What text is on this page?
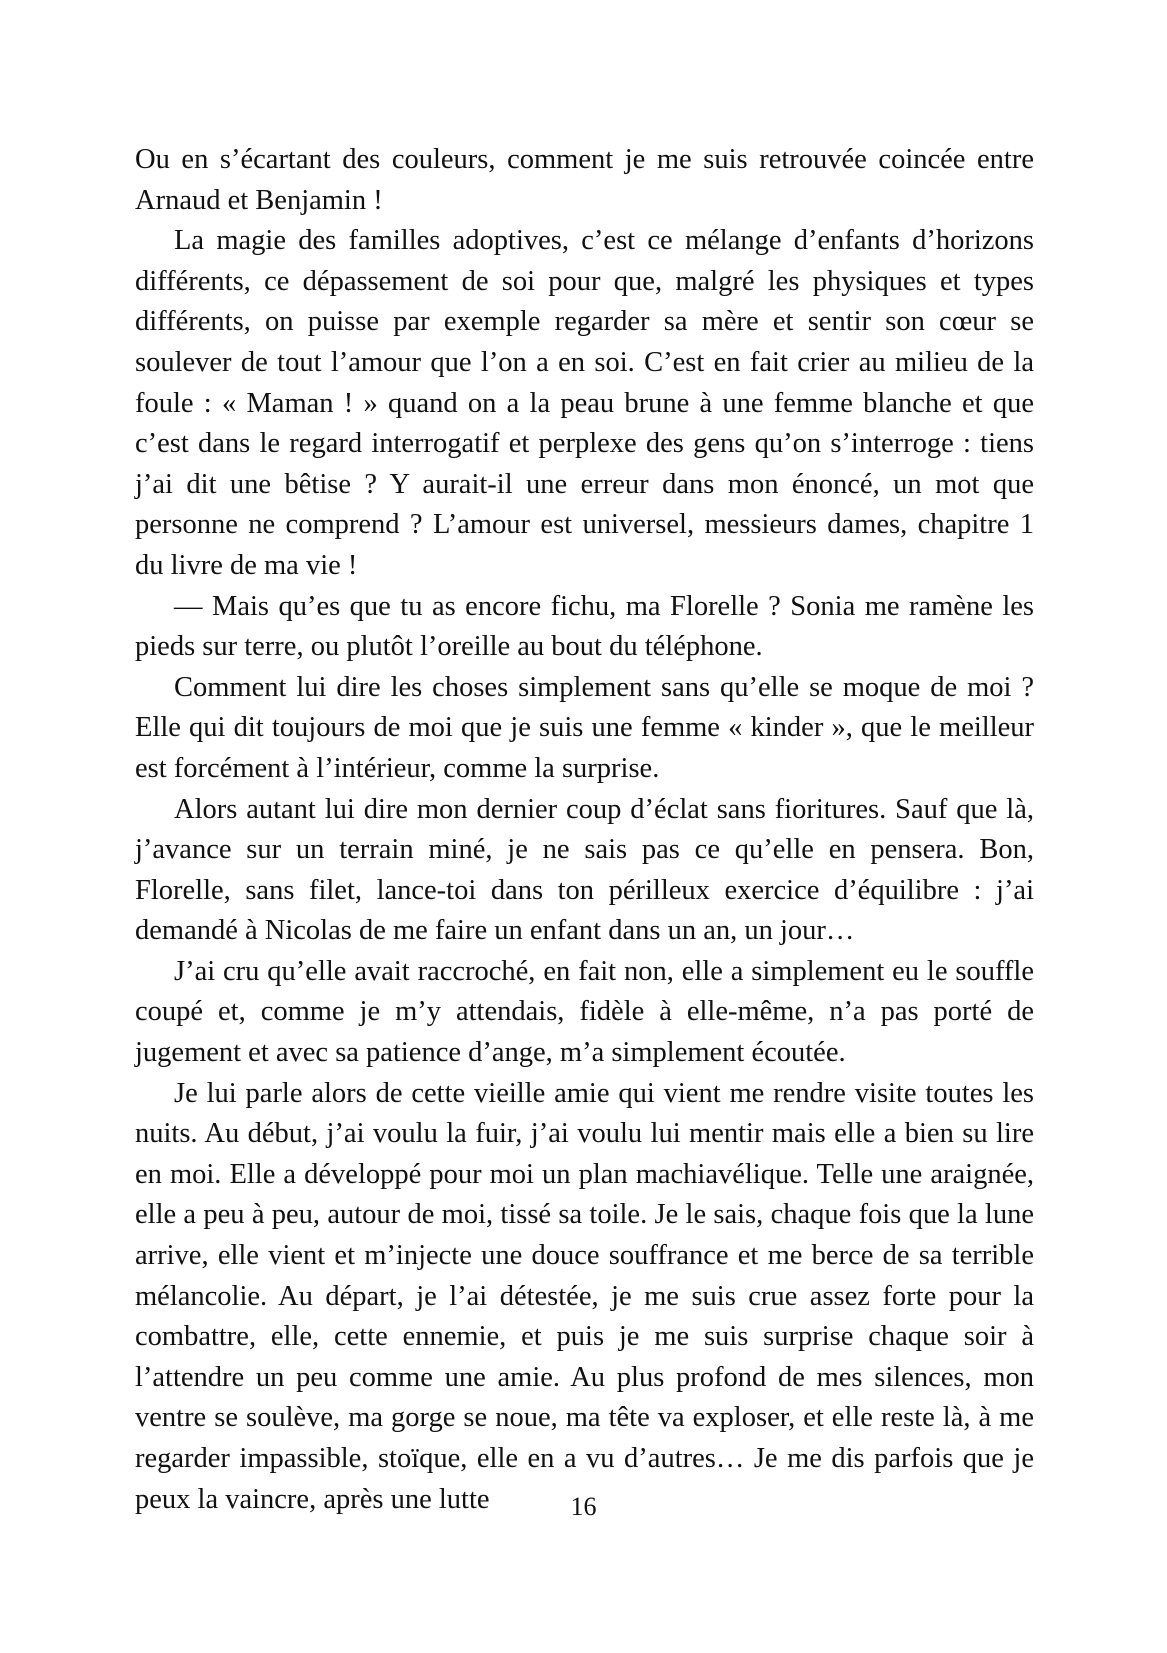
Ou en s’écartant des couleurs, comment je me suis retrouvée coincée entre Arnaud et Benjamin !

La magie des familles adoptives, c’est ce mélange d’enfants d’horizons différents, ce dépassement de soi pour que, malgré les physiques et types différents, on puisse par exemple regarder sa mère et sentir son cœur se soulever de tout l’amour que l’on a en soi. C’est en fait crier au milieu de la foule : « Maman ! » quand on a la peau brune à une femme blanche et que c’est dans le regard interrogatif et perplexe des gens qu’on s’interroge : tiens j’ai dit une bêtise ? Y aurait-il une erreur dans mon énoncé, un mot que personne ne comprend ? L’amour est universel, messieurs dames, chapitre 1 du livre de ma vie !

— Mais qu’es que tu as encore fichu, ma Florelle ? Sonia me ramène les pieds sur terre, ou plutôt l’oreille au bout du téléphone.

Comment lui dire les choses simplement sans qu’elle se moque de moi ? Elle qui dit toujours de moi que je suis une femme « kinder », que le meilleur est forcément à l’intérieur, comme la surprise.

Alors autant lui dire mon dernier coup d’éclat sans fioritures. Sauf que là, j’avance sur un terrain miné, je ne sais pas ce qu’elle en pensera. Bon, Florelle, sans filet, lance-toi dans ton périlleux exercice d’équilibre : j’ai demandé à Nicolas de me faire un enfant dans un an, un jour…

J’ai cru qu’elle avait raccroché, en fait non, elle a simplement eu le souffle coupé et, comme je m’y attendais, fidèle à elle-même, n’a pas porté de jugement et avec sa patience d’ange, m’a simplement écoutée.

Je lui parle alors de cette vieille amie qui vient me rendre visite toutes les nuits. Au début, j’ai voulu la fuir, j’ai voulu lui mentir mais elle a bien su lire en moi. Elle a développé pour moi un plan machiavélique. Telle une araignée, elle a peu à peu, autour de moi, tissé sa toile. Je le sais, chaque fois que la lune arrive, elle vient et m’injecte une douce souffrance et me berce de sa terrible mélancolie. Au départ, je l’ai détestée, je me suis crue assez forte pour la combattre, elle, cette ennemie, et puis je me suis surprise chaque soir à l’attendre un peu comme une amie. Au plus profond de mes silences, mon ventre se soulève, ma gorge se noue, ma tête va exploser, et elle reste là, à me regarder impassible, stoïque, elle en a vu d’autres… Je me dis parfois que je peux la vaincre, après une lutte	16
